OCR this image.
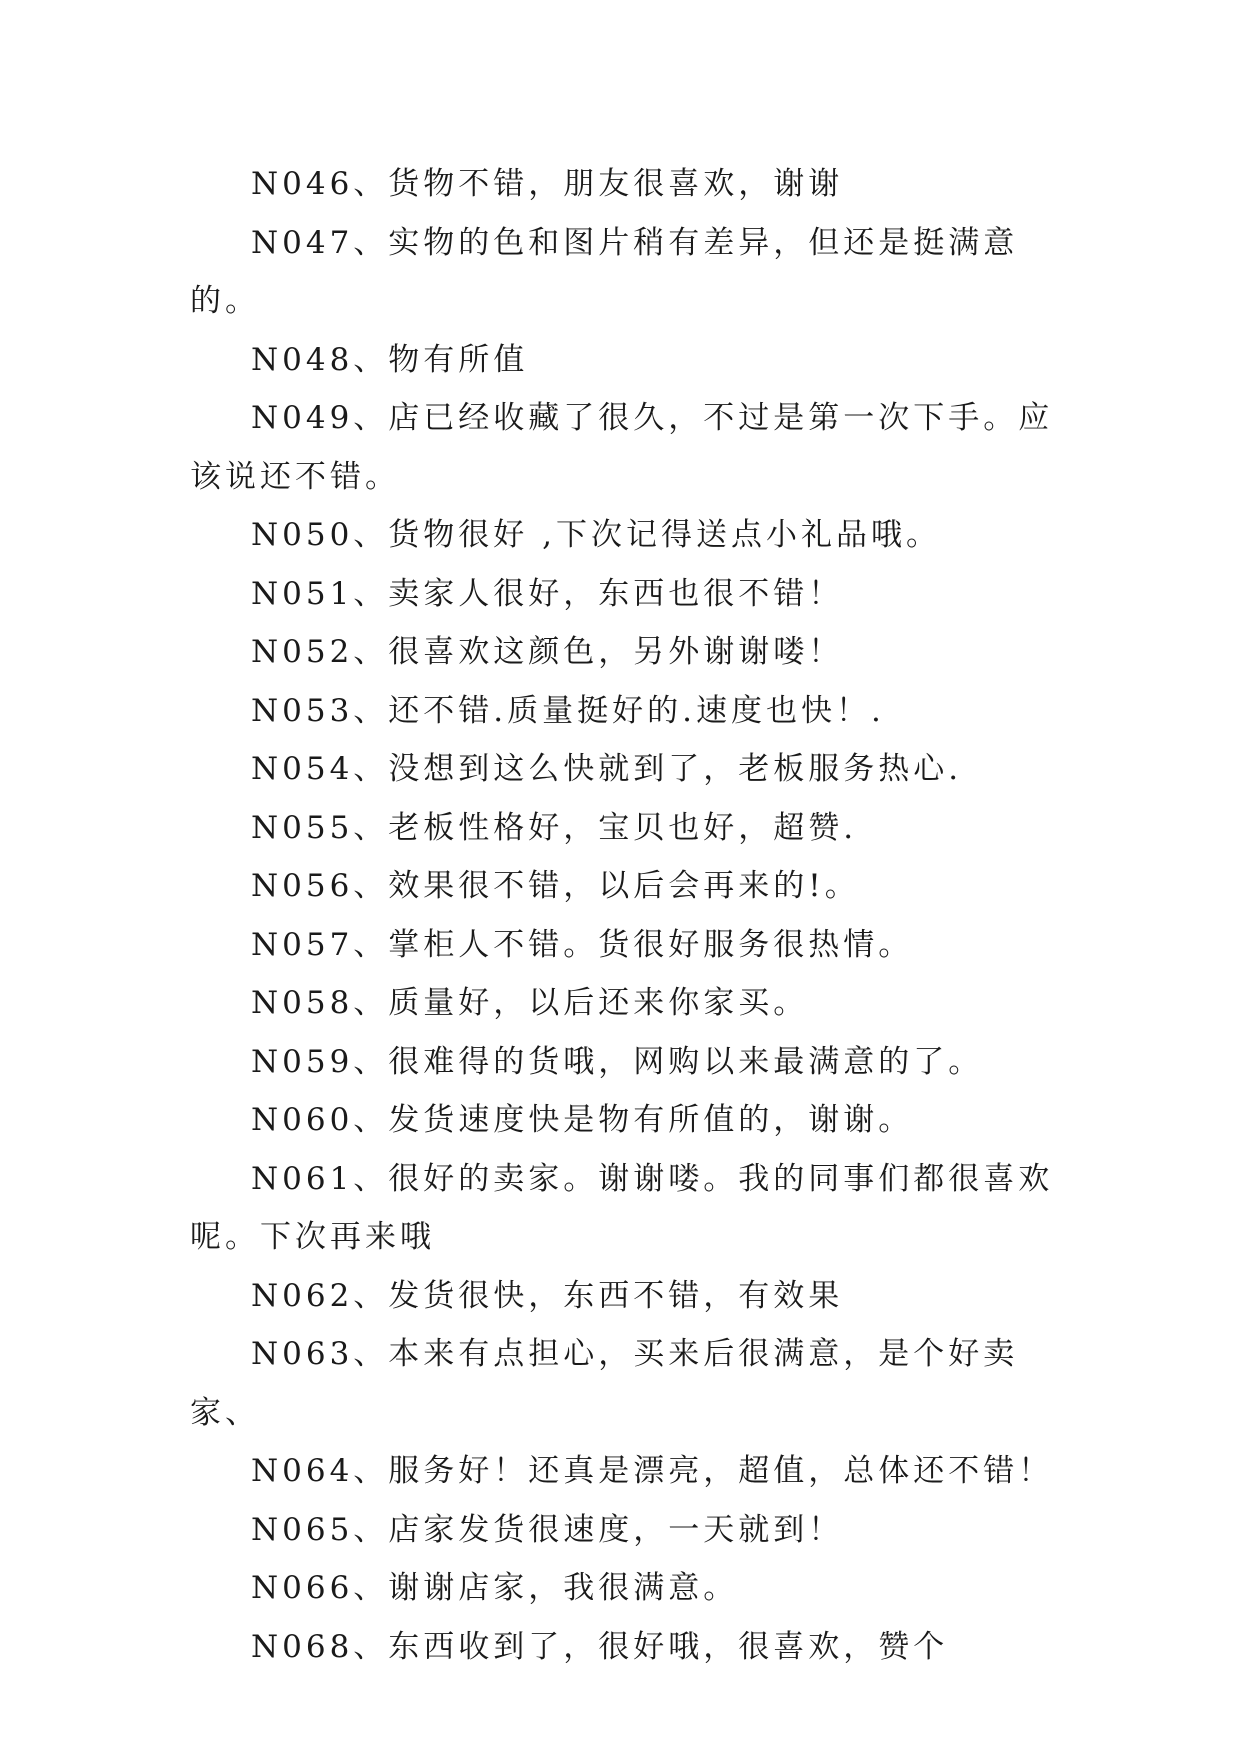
N046、货物不错，朋友很喜欢，谢谢

N047、实物的色和图片稍有差异，但还是挺满意的。

N048、物有所值

N049、店已经收藏了很久，不过是第一次下手。应该说还不错。

N050、货物很好 ,下次记得送点小礼品哦。

N051、卖家人很好，东西也很不错！

N052、很喜欢这颜色，另外谢谢喽！

N053、还不错.质量挺好的.速度也快！.

N054、没想到这么快就到了，老板服务热心.

N055、老板性格好，宝贝也好，超赞.

N056、效果很不错，以后会再来的!。

N057、掌柜人不错。货很好服务很热情。

N058、质量好，以后还来你家买。

N059、很难得的货哦，网购以来最满意的了。

N060、发货速度快是物有所值的，谢谢。

N061、很好的卖家。谢谢喽。我的同事们都很喜欢呢。下次再来哦

N062、发货很快，东西不错，有效果

N063、本来有点担心，买来后很满意，是个好卖家、

N064、服务好！还真是漂亮，超值，总体还不错！

N065、店家发货很速度，一天就到！

N066、谢谢店家，我很满意。

N068、东西收到了，很好哦，很喜欢，赞个
